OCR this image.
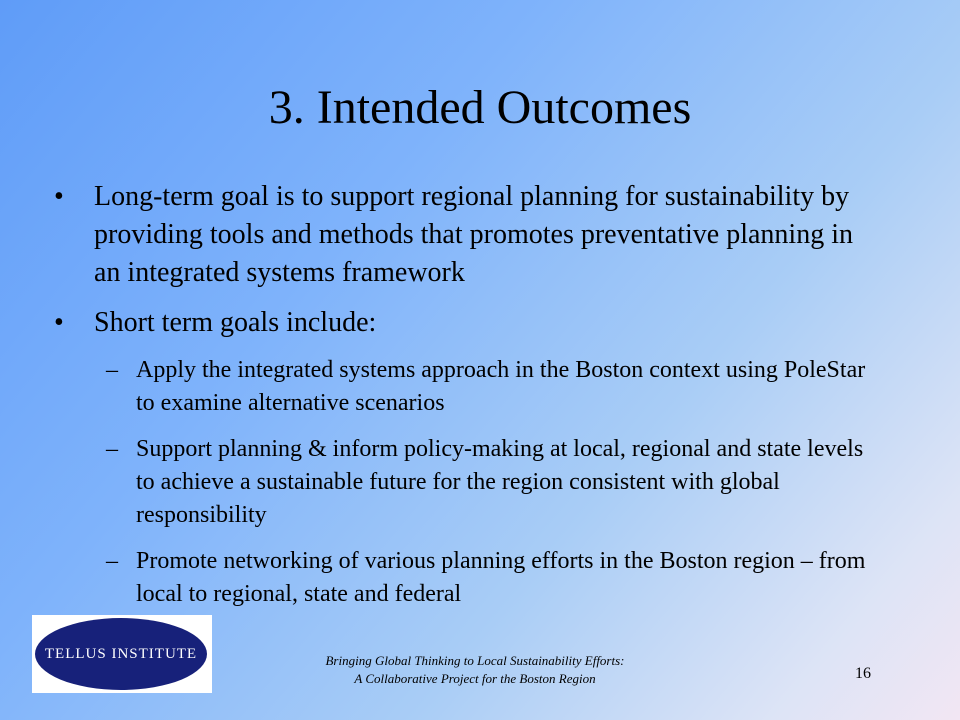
3. Intended Outcomes
• Long-term goal is to support regional planning for sustainability by providing tools and methods that promotes preventative planning in an integrated systems framework
• Short term goals include:
– Apply the integrated systems approach in the Boston context using PoleStar to examine alternative scenarios
– Support planning & inform policy-making at local, regional and state levels to achieve a sustainable future for the region consistent with global responsibility
– Promote networking of various planning efforts in the Boston region – from local to regional, state and federal
TELLUS INSTITUTE	Bringing Global Thinking to Local Sustainability Efforts:
A Collaborative Project for the Boston Region	16
